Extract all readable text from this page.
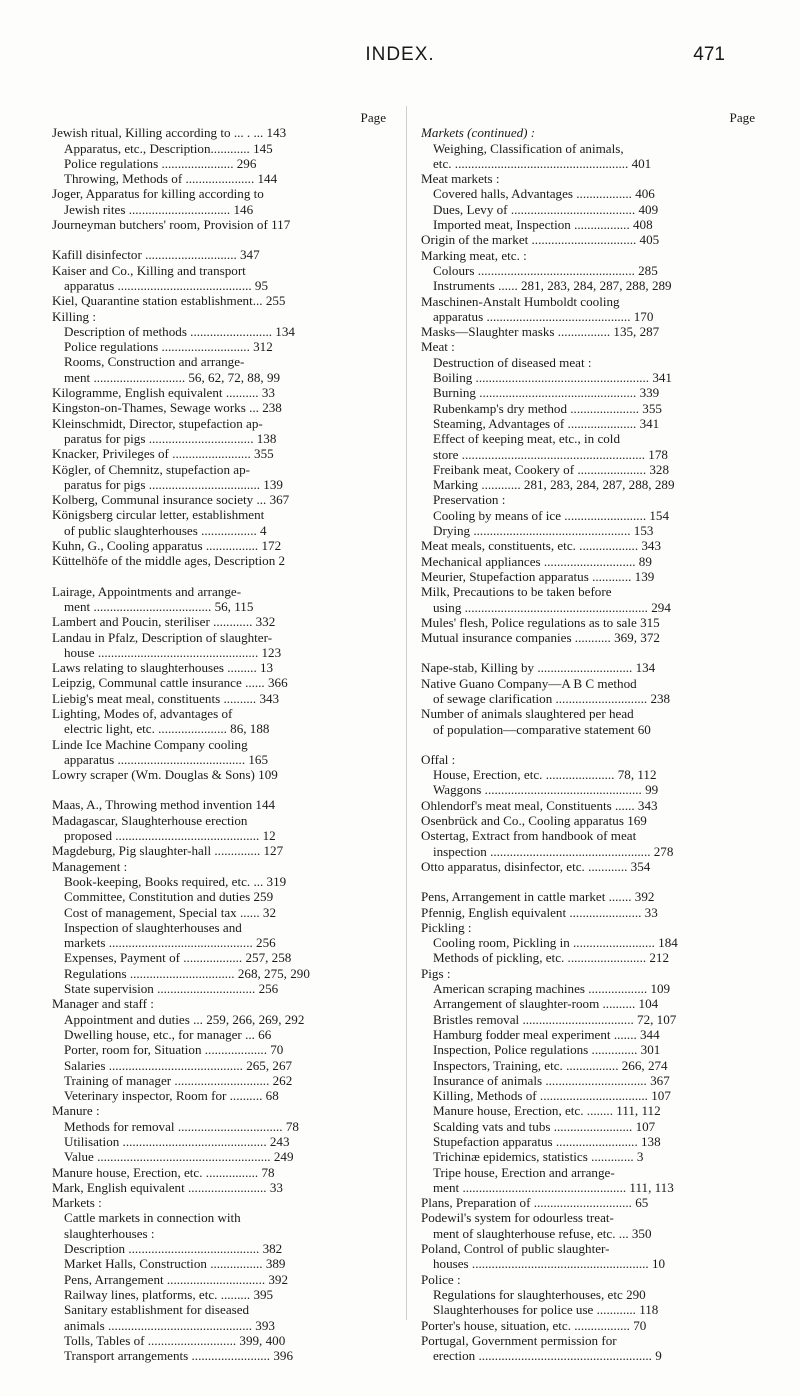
INDEX.	471
Page
Jewish ritual, Killing according to ... . ... 143
Apparatus, etc., Description............ 145
Police regulations ...................... 296
Throwing, Methods of ..................... 144
Joger, Apparatus for killing according to
Jewish rites ............................... 146
Journeyman butchers' room, Provision of 117
Kafill disinfector ............................ 347
Kaiser and Co., Killing and transport
apparatus ......................................... 95
Kiel, Quarantine station establishment... 255
Killing :
Description of methods ......................... 134
Police regulations ........................... 312
Rooms, Construction and arrange-
ment ............................ 56, 62, 72, 88, 99
Kilogramme, English equivalent .......... 33
Kingston-on-Thames, Sewage works ... 238
Kleinschmidt, Director, stupefaction ap-
paratus for pigs ................................ 138
Knacker, Privileges of ........................ 355
Kögler, of Chemnitz, stupefaction ap-
paratus for pigs .................................. 139
Kolberg, Communal insurance society ... 367
Königsberg circular letter, establishment
of public slaughterhouses ................. 4
Kuhn, G., Cooling apparatus ................ 172
Küttelhöfe of the middle ages, Description 2
Lairage, Appointments and arrange-
ment .................................... 56, 115
Lambert and Poucin, steriliser ............ 332
Landau in Pfalz, Description of slaughter-
house ................................................. 123
Laws relating to slaughterhouses ......... 13
Leipzig, Communal cattle insurance ...... 366
Liebig's meat meal, constituents .......... 343
Lighting, Modes of, advantages of
electric light, etc. ..................... 86, 188
Linde Ice Machine Company cooling
apparatus ....................................... 165
Lowry scraper (Wm. Douglas & Sons) 109
Maas, A., Throwing method invention 144
Madagascar, Slaughterhouse erection
proposed ............................................ 12
Magdeburg, Pig slaughter-hall .............. 127
Management :
Book-keeping, Books required, etc. ... 319
Committee, Constitution and duties 259
Cost of management, Special tax ...... 32
Inspection of slaughterhouses and
markets ............................................ 256
Expenses, Payment of .................. 257, 258
Regulations ................................ 268, 275, 290
State supervision .............................. 256
Manager and staff :
Appointment and duties ... 259, 266, 269, 292
Dwelling house, etc., for manager ... 66
Porter, room for, Situation ................... 70
Salaries ......................................... 265, 267
Training of manager ............................. 262
Veterinary inspector, Room for .......... 68
Manure :
Methods for removal ................................ 78
Utilisation ............................................ 243
Value ..................................................... 249
Manure house, Erection, etc. ................ 78
Mark, English equivalent ........................ 33
Markets :
Cattle markets in connection with
slaughterhouses :
Description ........................................ 382
Market Halls, Construction ................ 389
Pens, Arrangement .............................. 392
Railway lines, platforms, etc. ......... 395
Sanitary establishment for diseased
animals ............................................ 393
Tolls, Tables of ........................... 399, 400
Transport arrangements ........................ 396
Page
Markets (continued) :
Weighing, Classification of animals,
etc. ..................................................... 401
Meat markets :
Covered halls, Advantages ................. 406
Dues, Levy of ...................................... 409
Imported meat, Inspection ................. 408
Origin of the market ................................ 405
Marking meat, etc. :
Colours ................................................ 285
Instruments ...... 281, 283, 284, 287, 288, 289
Maschinen-Anstalt Humboldt cooling
apparatus ............................................ 170
Masks—Slaughter masks ................ 135, 287
Meat :
Destruction of diseased meat :
Boiling ..................................................... 341
Burning ................................................ 339
Rubenkamp's dry method ..................... 355
Steaming, Advantages of ..................... 341
Effect of keeping meat, etc., in cold
store ........................................................ 178
Freibank meat, Cookery of ..................... 328
Marking ............ 281, 283, 284, 287, 288, 289
Preservation :
Cooling by means of ice ......................... 154
Drying ................................................ 153
Meat meals, constituents, etc. .................. 343
Mechanical appliances ............................ 89
Meurier, Stupefaction apparatus ............ 139
Milk, Precautions to be taken before
using ........................................................ 294
Mules' flesh, Police regulations as to sale 315
Mutual insurance companies ........... 369, 372
Nape-stab, Killing by ............................. 134
Native Guano Company—A B C method
of sewage clarification ............................ 238
Number of animals slaughtered per head
of population—comparative statement 60
Offal :
House, Erection, etc. ..................... 78, 112
Waggons ................................................ 99
Ohlendorf's meat meal, Constituents ...... 343
Osenbrück and Co., Cooling apparatus 169
Ostertag, Extract from handbook of meat
inspection ................................................. 278
Otto apparatus, disinfector, etc. ............ 354
Pens, Arrangement in cattle market ....... 392
Pfennig, English equivalent ...................... 33
Pickling :
Cooling room, Pickling in ......................... 184
Methods of pickling, etc. ........................ 212
Pigs :
American scraping machines .................. 109
Arrangement of slaughter-room .......... 104
Bristles removal .................................. 72, 107
Hamburg fodder meal experiment ....... 344
Inspection, Police regulations .............. 301
Inspectors, Training, etc. ................ 266, 274
Insurance of animals ............................... 367
Killing, Methods of ................................. 107
Manure house, Erection, etc. ........ 111, 112
Scalding vats and tubs ........................ 107
Stupefaction apparatus ......................... 138
Trichinæ epidemics, statistics ............. 3
Tripe house, Erection and arrange-
ment .................................................. 111, 113
Plans, Preparation of .............................. 65
Podewil's system for odourless treat-
ment of slaughterhouse refuse, etc. ... 350
Poland, Control of public slaughter-
houses ...................................................... 10
Police :
Regulations for slaughterhouses, etc 290
Slaughterhouses for police use ............ 118
Porter's house, situation, etc. ................. 70
Portugal, Government permission for
erection ..................................................... 9
